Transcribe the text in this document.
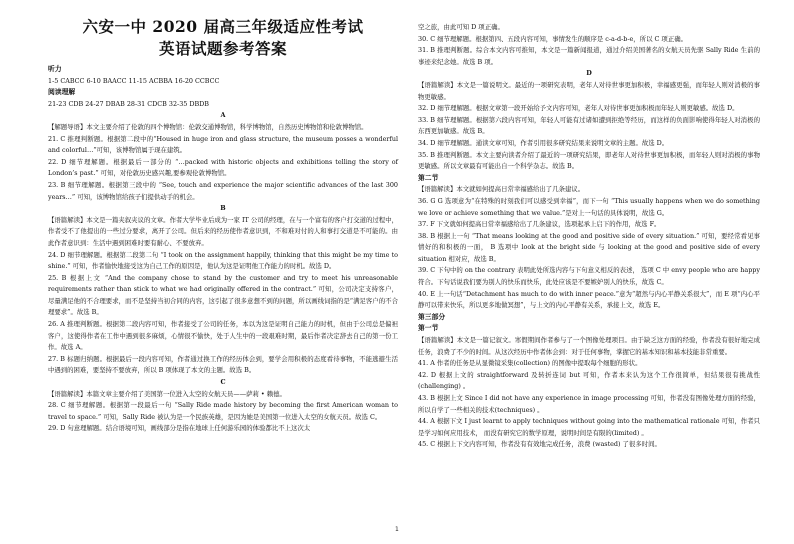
六安一中 2020 届高三年级适应性考试
英语试题参考答案
听力
1-5 CABCC 6-10 BAACC 11-15 ACBBA 16-20 CCBCC
阅读理解
21-23 CDB 24-27 DBAB 28-31 CDCB 32-35 DBDB
A

【解题导语】本文主要介绍了伦敦的四个博物馆：伦敦交通博物馆，科学博物馆，自然历史博物馆和伦敦博物馆。

21. C 推理判断题。根据第二段中的“Housed in huge iron and glass structure, the museum posses a wonderful and colorful…”可知，该博物馆属于现在建筑。

22. D 细节理解题。根据最后一部分的 “…packed with historic objects and exhibitions telling the story of London’s past.” 可知，对伦敦历史感兴趣,要参观伦敦博物馆。

23. B 细节理解题。根据第三段中的 “See, touch and experience the major scientific advances of the last 300 years…” 可知，该博物馆给孩子们提供动手的机会。

B

【语篇解读】本文是一篇夹叙夹议的文章。作者大学毕业后成为一家 IT 公司的经理，在与一个富有的客户打交道的过程中，作者受不了他提出的一些过分要求，离开了公司。但后来的经历使作者意识到，不和难对付的人和事打交道是不可能的。由此作者意识到：生活中遇到困难时要有耐心、不要放弃。

24. D 细节理解题。根据第二段第二句 “I took on the assignment happily, thinking that this might be my time to shine.” 可知，作者愉快地接受这为自己工作的原因是，他认为这是证明他工作能力的时机。故选 D。

25. B 根据上文 “And the company chose to stand by the customer and try to meet his unreasonable requirements rather than stick to what we had originally offered in the contract.” 可知，公司决定支持客户，尽量满足他的不合理要求，而不是坚持当初合同的内容，这引起了很多意想不到的问题，所以画线词指的是“满足客户的不合理要求”。故选 B。

26. A 推理判断题。根据第二段内容可知，作者接受了公司的任务，本以为这是证明自己能力的时机，但由于公司总是偏袒客户，这使得作者在工作中遇到很多麻烦，心情很不愉快，处于人生中的一段艰难时期，最后作者决定辞去自己的第一份工作。故选 A。

27. B 标题归纳题。根据最后一段内容可知，作者通过换工作的经历体会到，要学会用积极的态度看待事物，不能逃避生活中遇到的困难，要坚持不要放弃，所以 B 项体现了本文的主题。故选 B。

C

【语篇解读】本篇文章主要介绍了美国第一位进入太空的女航天员——萨莉 • 赖德。

28. C 细节理解题。根据第一段最后一句 “Sally Ride made history by becoming the first American woman to travel to space.” 可知，Sally Ride 被认为是一个民族英雄，是因为她是美国第一位进入太空的女航天员。故选 C。

29. D 句意理解题。结合语境可知，画线部分是指在地球上任何游乐园的体验都比不上这次太

空之旅，由此可知 D 项正确。

30. C 细节理解题。根据第四、五段内容可知，事情发生的顺序是 c-a-d-b-e，所以 C 项正确。

31. B 推理判断题。综合本文内容可推知，本文是一篇新闻报道，通过介绍美国著名的女航天员先驱 Sally Ride 生前的事迹来纪念她。故选 B 项。

D

【语篇解读】本文是一篇说明文。最近的一项研究表明，老年人对待世事更加积极，幸福感更强，而年轻人则对消极的事物更敏感。

32. D 细节理解题。根据文章第一段开始给予文内容可知，老年人对待世事更加积极而年轻人则更敏感。故选 D。

33. B 细节理解题。根据第六段内容可知，年轻人可能有过诸如遭到拒绝等经历，而这样的负面影响使得年轻人对消极的东西更加敏感。故选 B。

34. D 细节理解题。通读文章可知，作者引用很多研究结果来说明文章的主题。故选 D。

35. B 推理判断题。本文主要向读者介绍了最近的一项研究结果，即老年人对待世事更加积极，而年轻人则对消极的事物更敏感。所以文章最有可能出自一个科学杂志。故选 B。

第二节

【语篇解读】本文就如何提高日常幸福感给出了几条建议。

36. G G 选项意为“在特殊的时刻我们可以感受到幸福”，而下一句 “This usually happens when we do something we love or achieve something that we value.”是对上一句话的具体说明，故选 G。

37. F 下文就如何提高日常幸福感给出了几条建议，选项起承上启下的作用，故选 F。

38. B 根据上一句 “That means looking at the good and positive side of every situation.” 可知，要经常看见事情好的和积极的一面， B 选项中 look at the bright side 与 looking at the good and positive side of every situation 相对应，故选 B。

39. C 下句中的 on the contrary 表明此处所选内容与下句意义相反的表述， 选项 C 中 envy people who are happy 符合。下句话说我们要为别人的快乐而快乐，此处应该是不要嫉妒别人的快乐，故选 C。

40. E 上一句话“Detachment has much to do with inner peace.”意为“超然与内心平静关系很大”，而 E 项“内心平静可以带来快乐，所以更多地做冥想”，与上文的内心平静有关系，承接上文，故选 E。

第三部分
第一节

【语篇解读】本文是一篇记叙文。寒假期间作者参与了一个图像处理项目。由于缺乏这方面的经验，作者没有很好地完成任务，浪费了不少的时间。从这次经历中作者体会到：对于任何事物，掌握它的基本知识和基本技能非常重要。

41. A 作者的任务是从显微镜采集(collection) 的图像中提取每个细胞的形状。

42. D 根据上文的 straightforward 及转折连词 but 可知，作者本来认为这个工作很简单，但结果很有挑战性(challenging) 。

43. B 根据上文 Since I did not have any experience in image processing 可知，作者没有图像处理方面的经验，所以自学了一些相关的技术(techniques) 。

44. A 根据下文 I just learnt to apply techniques without going into the mathematical rationale 可知，作者只是学习如何应用技术， 而没有研究它的数学原理，说明时间是有限的(limited) 。

45. C 根据上下文内容可知，作者没有有效地完成任务，浪费 (wasted) 了很多时间。

1
